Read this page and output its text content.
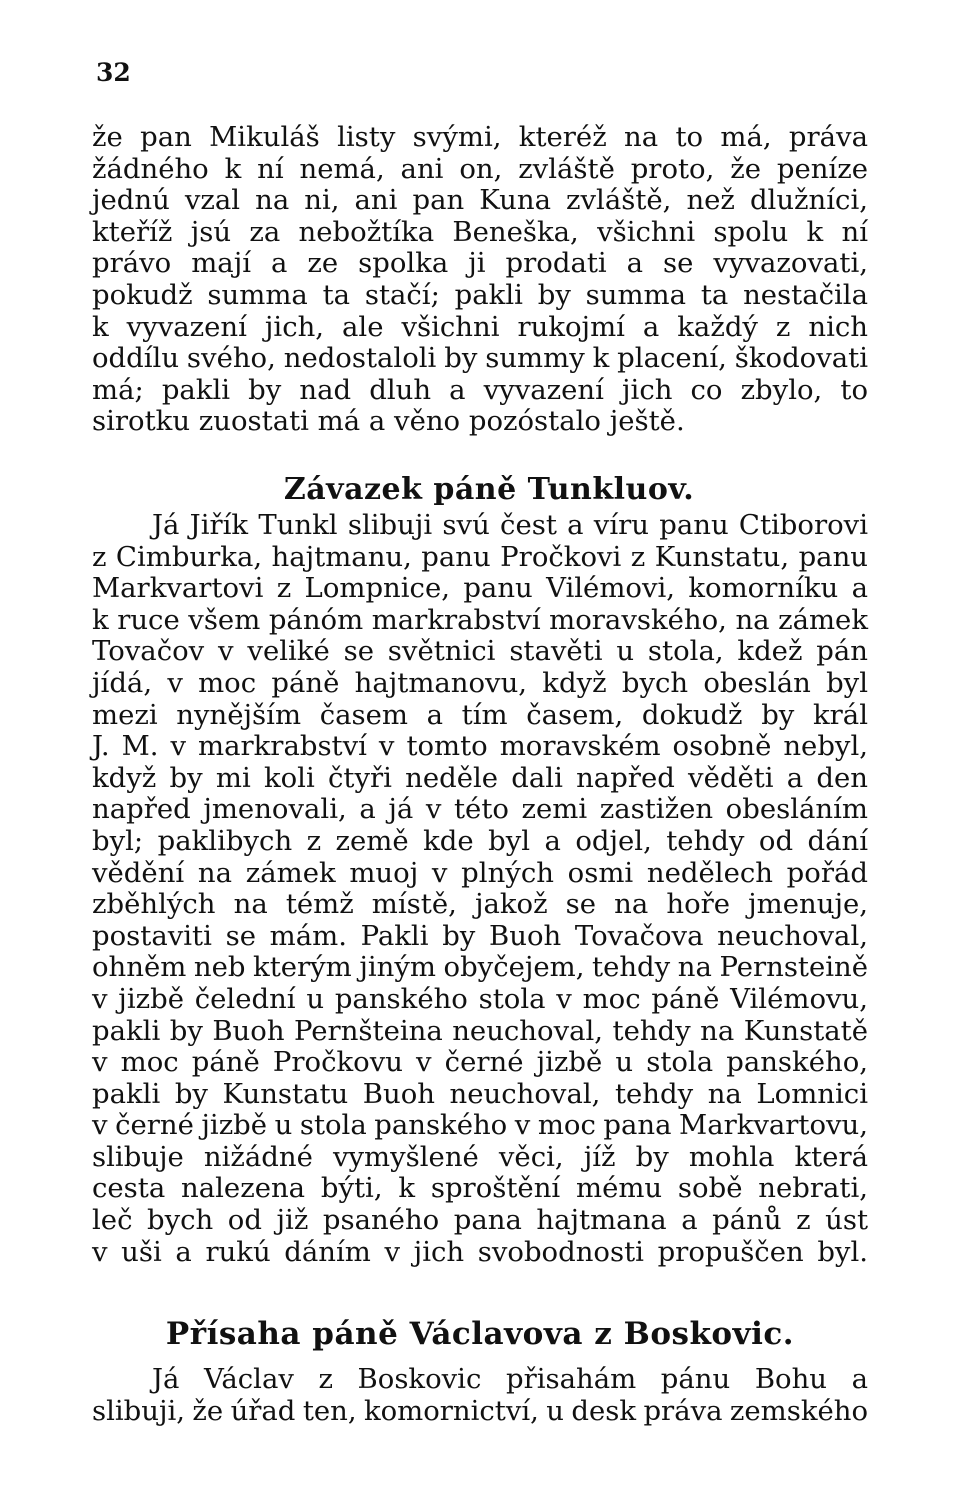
32
že pan Mikuláš listy svými, kteréž na to má, práva
žádného k ní nemá, ani on, zvláště proto, že peníze
jednú vzal na ni, ani pan Kuna zvláště, než dlužníci,
kteříž jsú za nebožtíka Beneška, všichni spolu k ní
právo mají a ze spolka ji prodati a se vyvazovati,
pokudž summa ta stačí; pakli by summa ta nestačila
k vyvazení jich, ale všichni rukojmí a každý z nich
oddílu svého, nedostaloli by summy k placení, škodovati
má; pakli by nad dluh a vyvazení jich co zbylo, to
sirotku zuostati má a věno pozóstalo ještě.
Závazek páně Tunkluov.
Já Jiřík Tunkl slibuji svú čest a víru panu Ctiborovi
z Cimburka, hajtmanu, panu Pročkovi z Kunstatu, panu
Markvartovi z Lompnice, panu Vilémovi, komorníku a
k ruce všem pánóm markrabství moravského, na zámek
Tovačov v veliké se světnici stavěti u stola, kdež pán
jídá, v moc páně hajtmanovu, když bych obeslán byl
mezi nynějším časem a tím časem, dokudž by král
J. M. v markrabství v tomto moravském osobně nebyl,
když by mi koli čtyři neděle dali napřed věděti a den
napřed jmenovali, a já v této zemi zastižen obesláním
byl; paklibych z země kde byl a odjel, tehdy od dání
vědění na zámek muoj v plných osmi nedělech pořád
zběhlých na témž místě, jakož se na hoře jmenuje,
postaviti se mám. Pakli by Buoh Tovačova neuchoval,
ohněm neb kterým jiným obyčejem, tehdy na Pernsteině
v jizbě čelední u panského stola v moc páně Vilémovu,
pakli by Buoh Pernšteina neuchoval, tehdy na Kunstatě
v moc páně Pročkovu v černé jizbě u stola panského,
pakli by Kunstatu Buoh neuchoval, tehdy na Lomnici
v černé jizbě u stola panského v moc pana Markvartovu,
slibuje nižádné vymyšlené věci, jíž by mohla která
cesta nalezena býti, k sproštění mému sobě nebrati,
leč bych od již psaného pana hajtmana a pánů z úst
v uši a rukú dáním v jich svobodnosti propuščen byl.
Přísaha páně Václavova z Boskovic.
Já Václav z Boskovic přisahám pánu Bohu a
slibuji, že úřad ten, komornictví, u desk práva zemského
